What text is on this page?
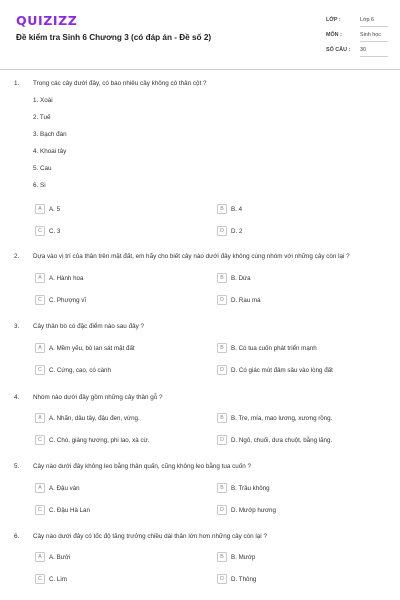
QUIZIZZ
Đề kiểm tra Sinh 6 Chương 3 (có đáp án - Đề số 2)
LỚP :	Lớp 6
MÔN :	Sinh học
SỐ CÂU : 30
1. Trong các cây dưới đây, có bao nhiêu cây không có thân cột ?
1. Xoài
2. Tuế
3. Bạch đàn
4. Khoai tây
5. Cau
6. Si
A	A. 5	B	B. 4
C	C. 3	D	D. 2
2. Dựa vào vị trí của thân trên mặt đất, em hãy cho biết cây nào dưới đây không cùng nhóm với những cây còn lại ?
A	A. Hành hoa	B	B. Dứa
C	C. Phượng vĩ	D	D. Rau má
3. Cây thân bò có đặc điểm nào sau đây ?
A	A. Mềm yếu, bò lan sát mặt đất	B	B. Có tua cuốn phát triển mạnh
C	C. Cứng, cao, có cành	D	D. Có giác mút đâm sâu vào lòng đất
4. Nhóm nào dưới đây gồm những cây thân gỗ ?
A	A. Nhãn, dâu tây, đậu đen, vừng.	B	B. Tre, mía, mao lương, xương rồng.
C	C. Chò, giáng hương, phi lao, xà cừ.	D	D. Ngô, chuối, dưa chuột, bằng lăng.
5. Cây nào dưới đây không leo bằng thân quấn, cũng không leo bằng tua cuốn ?
A	A. Đậu ván	B	B. Trầu không
C	C. Đậu Hà Lan	D	D. Mướp hương
6. Cây nào dưới đây có tốc độ tăng trưởng chiều dài thân lớn hơn những cây còn lại ?
A	A. Bưởi	B	B. Mướp
C	C. Lim	D	D. Thông
